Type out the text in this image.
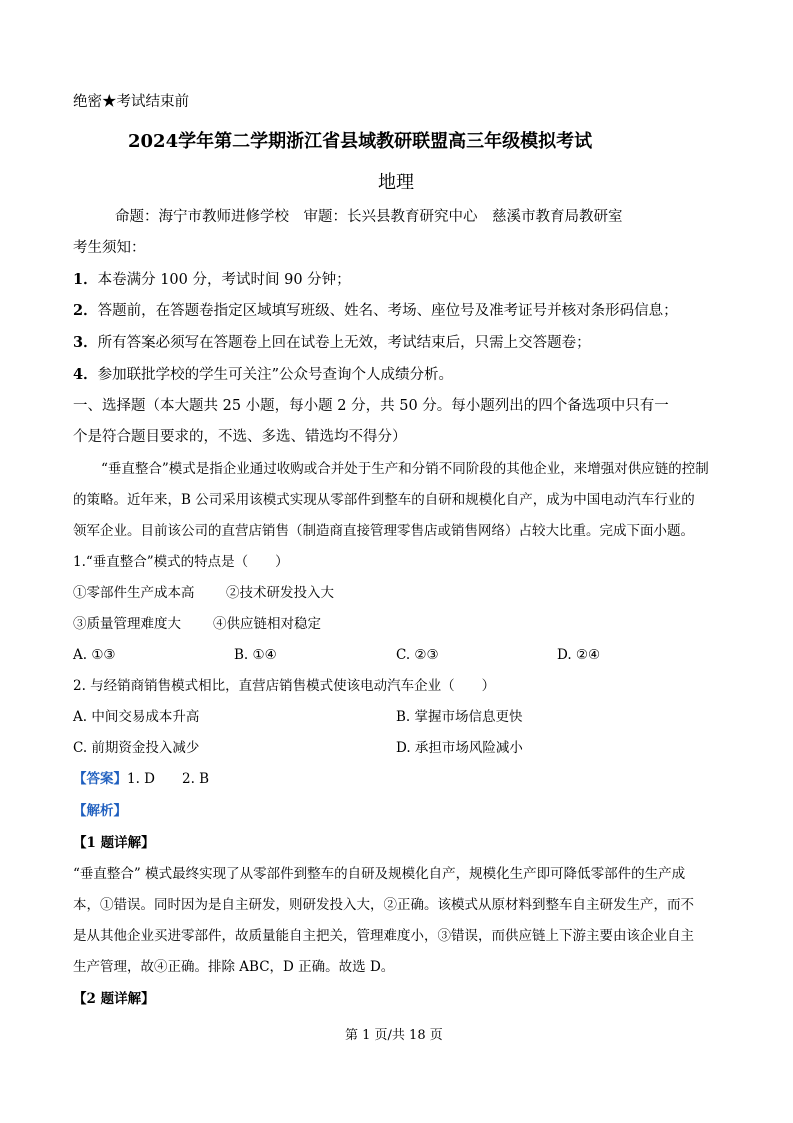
绝密★考试结束前
2024学年第二学期浙江省县域教研联盟高三年级模拟考试
地理
命题：海宁市教师进修学校　审题：长兴县教育研究中心　慈溪市教育局教研室
考生须知：
1．本卷满分 100 分，考试时间 90 分钟；
2．答题前，在答题卷指定区域填写班级、姓名、考场、座位号及准考证号并核对条形码信息；
3．所有答案必须写在答题卷上回在试卷上无效，考试结束后，只需上交答题卷；
4．参加联批学校的学生可关注”公众号查询个人成绩分析。
一、选择题（本大题共 25 小题，每小题 2 分，共 50 分。每小题列出的四个备选项中只有一
个是符合题目要求的，不选、多选、错选均不得分）
“垂直整合”模式是指企业通过收购或合并处于生产和分销不同阶段的其他企业，来增强对供应链的控制
的策略。近年来，B 公司采用该模式实现从零部件到整车的自研和规模化自产，成为中国电动汽车行业的
领军企业。目前该公司的直营店销售（制造商直接管理零售店或销售网络）占较大比重。完成下面小题。
1.“垂直整合”模式的特点是（　　）
①零部件生产成本高 ②技术研发投入大
③质量管理难度大 ④供应链相对稳定
A. ①③	B. ①④	C. ②③	D. ②④
2. 与经销商销售模式相比，直营店销售模式使该电动汽车企业（　　）
A. 中间交易成本升高	B. 掌握市场信息更快
C. 前期资金投入减少	D. 承担市场风险减小
【答案】1. D　　2. B
【解析】
【1 题详解】
“垂直整合” 模式最终实现了从零部件到整车的自研及规模化自产，规模化生产即可降低零部件的生产成
本，①错误。同时因为是自主研发，则研发投入大，②正确。该模式从原材料到整车自主研发生产，而不
是从其他企业买进零部件，故质量能自主把关，管理难度小，③错误，而供应链上下游主要由该企业自主
生产管理，故④正确。排除 ABC，D 正确。故选 D。
【2 题详解】
第 1 页/共 18 页
